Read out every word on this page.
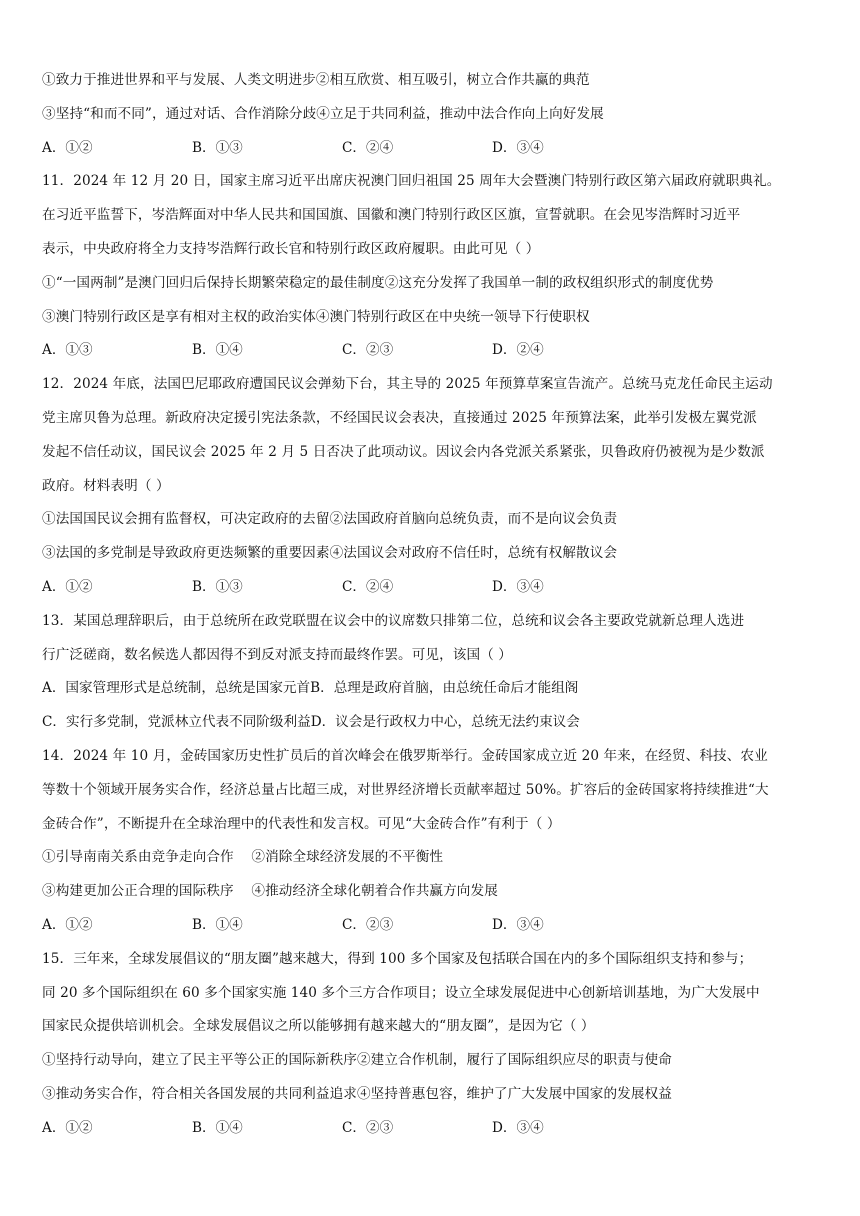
①致力于推进世界和平与发展、人类文明进步②相互欣赏、相互吸引，树立合作共赢的典范
③坚持“和而不同”，通过对话、合作消除分歧④立足于共同利益，推动中法合作向上向好发展
A．①②	B．①③	C．②④	D．③④
11．2024 年 12 月 20 日，国家主席习近平出席庆祝澳门回归祖国 25 周年大会暨澳门特别行政区第六届政府就职典礼。
在习近平监誓下，岑浩辉面对中华人民共和国国旗、国徽和澳门特别行政区区旗，宣誓就职。在会见岑浩辉时习近平
表示，中央政府将全力支持岑浩辉行政长官和特别行政区政府履职。由此可见（ ）
①“一国两制”是澳门回归后保持长期繁荣稳定的最佳制度②这充分发挥了我国单一制的政权组织形式的制度优势
③澳门特别行政区是享有相对主权的政治实体④澳门特别行政区在中央统一领导下行使职权
A．①③	B．①④	C．②③	D．②④
12．2024 年底，法国巴尼耶政府遭国民议会弹劾下台，其主导的 2025 年预算草案宣告流产。总统马克龙任命民主运动
党主席贝鲁为总理。新政府决定援引宪法条款，不经国民议会表决，直接通过 2025 年预算法案，此举引发极左翼党派
发起不信任动议，国民议会 2025 年 2 月 5 日否决了此项动议。因议会内各党派关系紧张，贝鲁政府仍被视为是少数派
政府。材料表明（ ）
①法国国民议会拥有监督权，可决定政府的去留②法国政府首脑向总统负责，而不是向议会负责
③法国的多党制是导致政府更迭频繁的重要因素④法国议会对政府不信任时，总统有权解散议会
A．①②	B．①③	C．②④	D．③④
13．某国总理辞职后，由于总统所在政党联盟在议会中的议席数只排第二位，总统和议会各主要政党就新总理人选进
行广泛磋商，数名候选人都因得不到反对派支持而最终作罢。可见，该国（ ）
A．国家管理形式是总统制，总统是国家元首 B．总理是政府首脑，由总统任命后才能组阁
C．实行多党制，党派林立代表不同阶级利益 D．议会是行政权力中心，总统无法约束议会
14．2024 年 10 月，金砖国家历史性扩员后的首次峰会在俄罗斯举行。金砖国家成立近 20 年来，在经贸、科技、农业
等数十个领域开展务实合作，经济总量占比超三成，对世界经济增长贡献率超过 50%。扩容后的金砖国家将持续推进“大
金砖合作”，不断提升在全球治理中的代表性和发言权。可见“大金砖合作”有利于（ ）
①引导南南关系由竞争走向合作    ②消除全球经济发展的不平衡性
③构建更加公正合理的国际秩序    ④推动经济全球化朝着合作共赢方向发展
A．①②	B．①④	C．②③	D．③④
15．三年来，全球发展倡议的“朋友圈”越来越大，得到 100 多个国家及包括联合国在内的多个国际组织支持和参与；
同 20 多个国际组织在 60 多个国家实施 140 多个三方合作项目；设立全球发展促进中心创新培训基地，为广大发展中
国家民众提供培训机会。全球发展倡议之所以能够拥有越来越大的“朋友圈”，是因为它（ ）
①坚持行动导向，建立了民主平等公正的国际新秩序②建立合作机制，履行了国际组织应尽的职责与使命
③推动务实合作，符合相关各国发展的共同利益追求④坚持普惠包容，维护了广大发展中国家的发展权益
A．①②	B．①④	C．②③	D．③④
